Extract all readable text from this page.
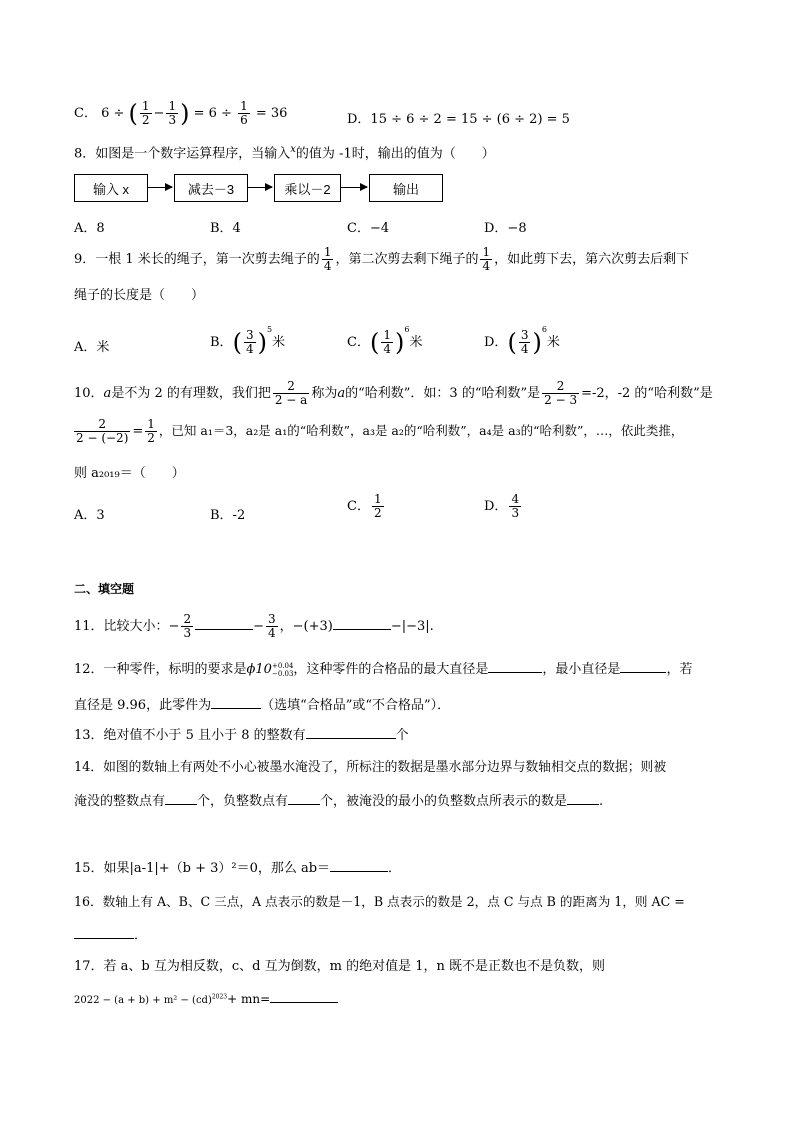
C． 6 ÷ ( $\frac{1}{2} - \frac{1}{3}$ ) = $6 \div \frac{1}{6} = 36$	D．15 ÷ 6 ÷ 2 = 15 ÷ (6 ÷ 2) = 5
8．如图是一个数字运算程序，当输入$^x$的值为 -1时，输出的值为（　　）
输入 x	减去－3	乘以－2	输出
A．8	B．4	C．−4	D．−8
9．一根 1 米长的绳子，第一次剪去绳子的 $\frac{1}{4}$ ，第二次剪去剩下绳子的 $\frac{1}{4}$ ，如此剪下去，第六次剪去后剩下
绳子的长度是（　　）
A．米	B．( $\frac{3}{4} )^5$米	C．( $\frac{1}{4} )^6$米	D．( $\frac{3}{4} )^6$米
10．a是不为 2 的有理数，我们把 $\frac{2}{2 - a}$ 称为a的“哈利数”．如：3 的“哈利数”是 $\frac{2}{2 - 3} =-2$，-2 的“哈利数”是
$\frac{2}{2 - (-2)} = \frac{1}{2}$ ，已知 a₁＝3，a₂是 a₁的“哈利数”，a₃是 a₂的“哈利数”，a₄是 a₃的“哈利数”，…，依此类推，
则 a₂₀₁₉＝（　　）
A．3	B．-2
C． $\frac{1}{2}$	D． $\frac{4}{3}$
二、填空题
11．比较大小：− $\frac{2}{3}$	− $\frac{3}{4}$ ，−(+3)	−|−3|.
12．一种零件，标明的要求是ϕ10 +0.04
−0.03 ，这种零件的合格品的最大直径是	，最小直径是	，若
直径是 9.96，此零件为	（选填“合格品”或“不合格品”）．
13．绝对值不小于 5 且小于 8 的整数有	个
14．如图的数轴上有两处不小心被墨水淹没了，所标注的数据是墨水部分边界与数轴相交点的数据；则被
淹没的整数点有 个，负整数点有 个，被淹没的最小的负整数点所表示的数是 .
15．如果|a-1|+（b + 3）²＝0，那么 ab＝	．
16．数轴上有 A、B、C 三点，A 点表示的数是－1，B 点表示的数是 2，点 C 与点 B 的距离为 1，则 AC =
．
17．若 a、b 互为相反数，c、d 互为倒数，m 的绝对值是 1，n 既不是正数也不是负数，则
2022 − (a + b) + m² − (cd)$^{2023}$+ mn=
